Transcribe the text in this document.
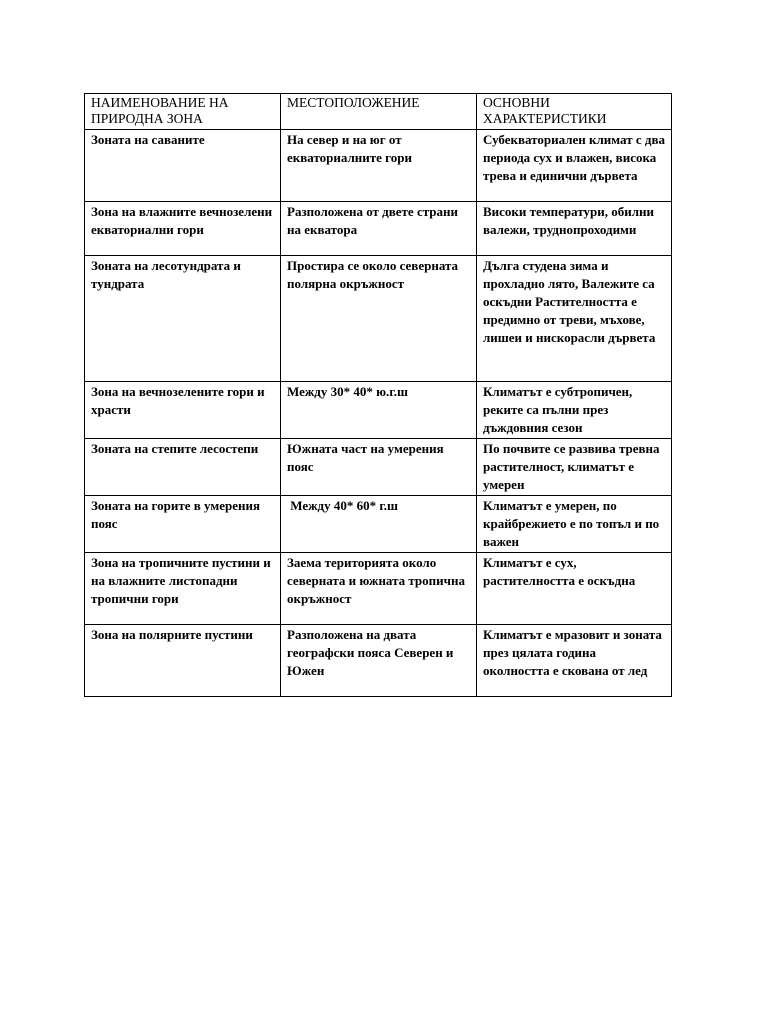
НАИМЕНОВАНИЕ НА ПРИРОДНА ЗОНА	МЕСТОПОЛОЖЕНИЕ	ОСНОВНИ ХАРАКТЕРИСТИКИ

Зоната на саваните	На север и на юг от екваториалните гори	Субекваториален климат с два периода сух и влажен, висока трева и единични дървета

Зона на влажните вечнозелени екваториални гори	Разположена от двете страни на екватора	Високи температури, обилни валежи, труднопроходими

Зоната на лесотундрата и тундрата	Простира се около северната полярна окръжност	Дълга студена зима и прохладно лято, Валежите са оскъдни Растителността е предимно от треви, мъхове, лишеи и нискорасли дървета

Зона на вечнозелените гори и храсти	Между 30* 40* ю.г.ш	Климатът е субтропичен, реките са пълни през дъждовния сезон

Зоната на степите лесостепи	Южната част на умерения пояс	По почвите се развива тревна растителност, климатът е умерен

Зоната на горите в умерения пояс	Между 40* 60* г.ш	Климатът е умерен, по крайбрежието е по топъл и по важен

Зона на тропичните пустини и на влажните листопадни тропични гори	Заема територията около северната и южната тропична окръжност	Климатът е сух, растителността е оскъдна

Зона на полярните пустини	Разположена на двата географски пояса Северен и Южен	Климатът е мразовит и зоната през цялата година околността е скована от лед
